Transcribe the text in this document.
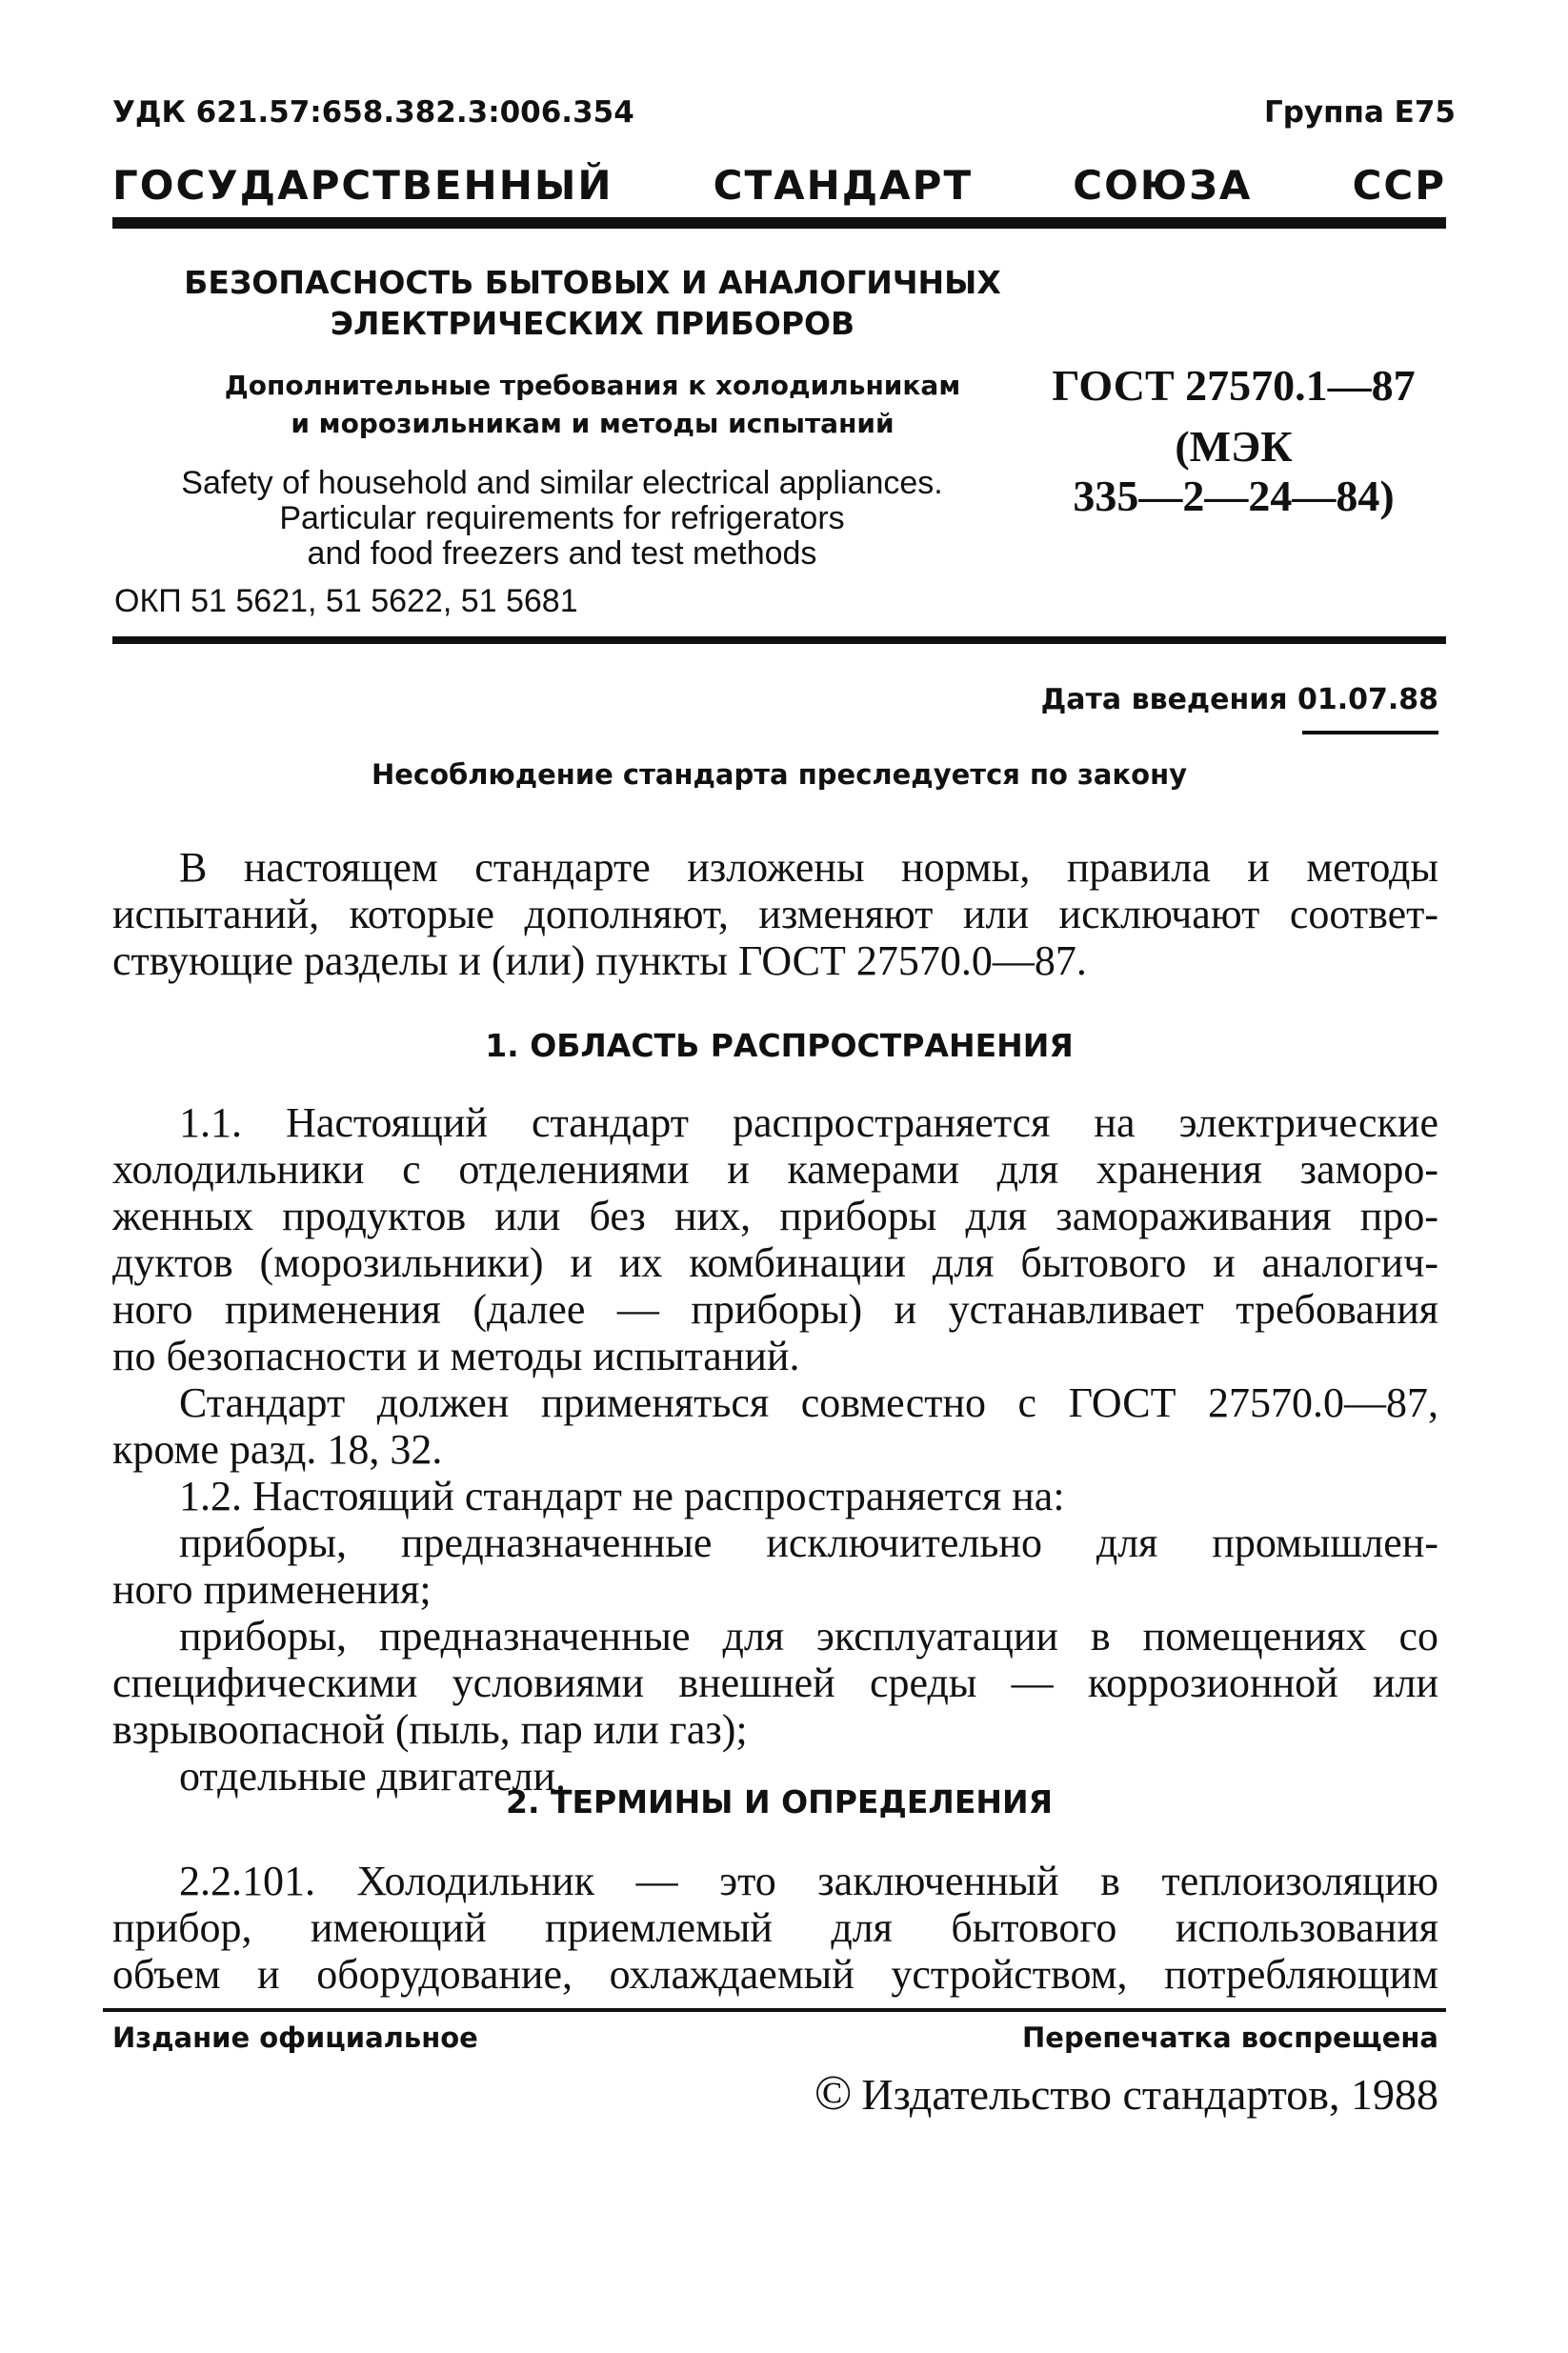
УДК 621.57:658.382.3:006.354	Группа Е75
ГОСУДАРСТВЕННЫЙ СТАНДАРТ СОЮЗА ССР
БЕЗОПАСНОСТЬ БЫТОВЫХ И АНАЛОГИЧНЫХ
ЭЛЕКТРИЧЕСКИХ ПРИБОРОВ
Дополнительные требования к холодильникам
и морозильникам и методы испытаний
Safety of household and similar electrical appliances.
Particular requirements for refrigerators
and food freezers and test methods
ОКП 51 5621, 51 5622, 51 5681
ГОСТ 27570.1—87
(МЭК
335—2—24—84)
Дата введения 01.07.88
Несоблюдение стандарта преследуется по закону
В настоящем стандарте изложены нормы, правила и методы
испытаний, которые дополняют, изменяют или исключают соответ-
ствующие разделы и (или) пункты ГОСТ 27570.0—87.
1. ОБЛАСТЬ РАСПРОСТРАНЕНИЯ
1.1. Настоящий стандарт распространяется на электрические
холодильники с отделениями и камерами для хранения заморо-
женных продуктов или без них, приборы для замораживания про-
дуктов (морозильники) и их комбинации для бытового и аналогич-
ного применения (далее — приборы) и устанавливает требования
по безопасности и методы испытаний.
Стандарт должен применяться совместно с ГОСТ 27570.0—87,
кроме разд. 18, 32.
1.2. Настоящий стандарт не распространяется на:
приборы, предназначенные исключительно для промышлен-
ного применения;
приборы, предназначенные для эксплуатации в помещениях со
специфическими условиями внешней среды — коррозионной или
взрывоопасной (пыль, пар или газ);
отдельные двигатели.
2. ТЕРМИНЫ И ОПРЕДЕЛЕНИЯ
2.2.101. Холодильник — это заключенный в теплоизоляцию
прибор, имеющий приемлемый для бытового использования
объем и оборудование, охлаждаемый устройством, потребляющим
Издание официальное	Перепечатка воспрещена
© Издательство стандартов, 1988
